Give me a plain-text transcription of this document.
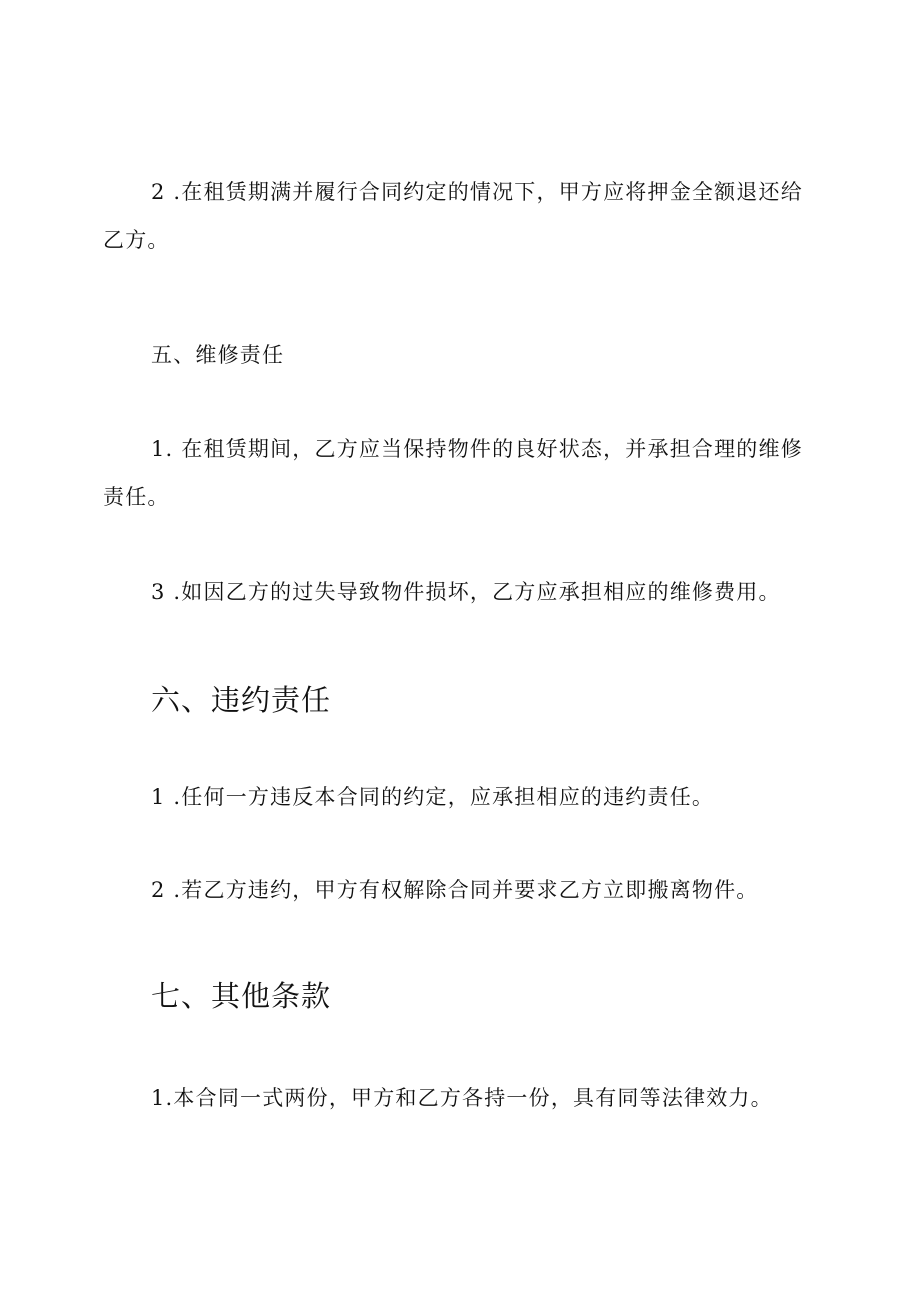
2 .在租赁期满并履行合同约定的情况下，甲方应将押金全额退还给乙方。

五、维修责任

1. 在租赁期间，乙方应当保持物件的良好状态，并承担合理的维修责任。

3 .如因乙方的过失导致物件损坏，乙方应承担相应的维修费用。

六、违约责任

1 .任何一方违反本合同的约定，应承担相应的违约责任。

2 .若乙方违约，甲方有权解除合同并要求乙方立即搬离物件。

七、其他条款

1.本合同一式两份，甲方和乙方各持一份，具有同等法律效力。
